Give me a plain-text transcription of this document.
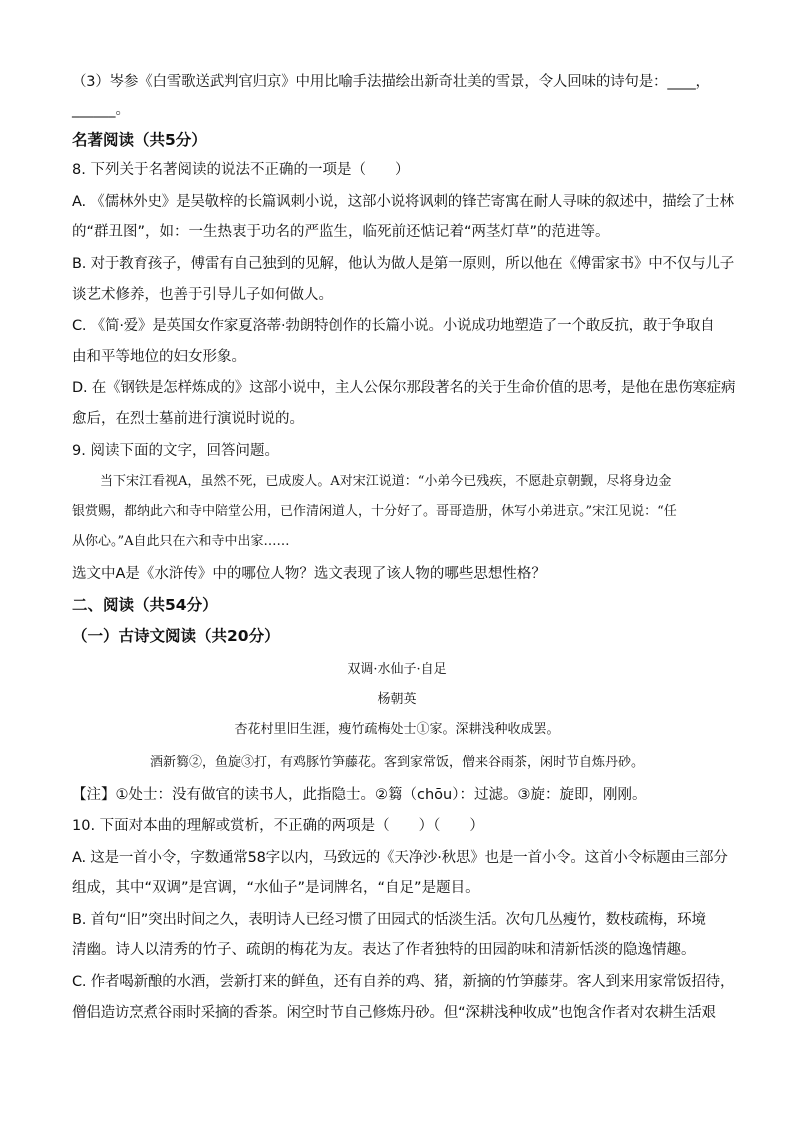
（3）岑参《白雪歌送武判官归京》中用比喻手法描绘出新奇壮美的雪景，令人回味的诗句是：____，
______。
名著阅读（共5分）
8. 下列关于名著阅读的说法不正确的一项是（　　）
A. 《儒林外史》是吴敬梓的长篇讽刺小说，这部小说将讽刺的锋芒寄寓在耐人寻味的叙述中，描绘了士林
的“群丑图”，如：一生热衷于功名的严监生，临死前还惦记着“两茎灯草”的范进等。
B. 对于教育孩子，傅雷有自己独到的见解，他认为做人是第一原则，所以他在《傅雷家书》中不仅与儿子
谈艺术修养，也善于引导儿子如何做人。
C. 《简·爱》是英国女作家夏洛蒂·勃朗特创作的长篇小说。小说成功地塑造了一个敢反抗，敢于争取自
由和平等地位的妇女形象。
D. 在《钢铁是怎样炼成的》这部小说中，主人公保尔那段著名的关于生命价值的思考，是他在患伤寒症病
愈后，在烈士墓前进行演说时说的。
9. 阅读下面的文字，回答问题。
当下宋江看视A，虽然不死，已成废人。A对宋江说道：“小弟今已残疾，不愿赴京朝觐，尽将身边金
银赏赐，都纳此六和寺中陪堂公用，已作清闲道人，十分好了。哥哥造册，休写小弟进京。”宋江见说：“任
从你心。”A自此只在六和寺中出家……
选文中A是《水浒传》中的哪位人物？选文表现了该人物的哪些思想性格？
二、阅读（共54分）
（一）古诗文阅读（共20分）
双调·水仙子·自足
杨朝英
杏花村里旧生涯，瘦竹疏梅处士①家。深耕浅种收成罢。
酒新篘②，鱼旋③打，有鸡豚竹笋藤花。客到家常饭，僧来谷雨茶，闲时节自炼丹砂。
【注】①处士：没有做官的读书人，此指隐士。②篘（chōu）：过滤。③旋：旋即，刚刚。
10. 下面对本曲的理解或赏析，不正确的两项是（　　）（　　）
A. 这是一首小令，字数通常58字以内，马致远的《天净沙·秋思》也是一首小令。这首小令标题由三部分
组成，其中“双调”是宫调，“水仙子”是词牌名，“自足”是题目。
B. 首句“旧”突出时间之久，表明诗人已经习惯了田园式的恬淡生活。次句几丛瘦竹，数枝疏梅，环境
清幽。诗人以清秀的竹子、疏朗的梅花为友。表达了作者独特的田园韵味和清新恬淡的隐逸情趣。
C. 作者喝新酿的水酒，尝新打来的鲜鱼，还有自养的鸡、猪，新摘的竹笋藤芽。客人到来用家常饭招待，
僧侣造访烹煮谷雨时采摘的香茶。闲空时节自己修炼丹砂。但“深耕浅种收成”也饱含作者对农耕生活艰
